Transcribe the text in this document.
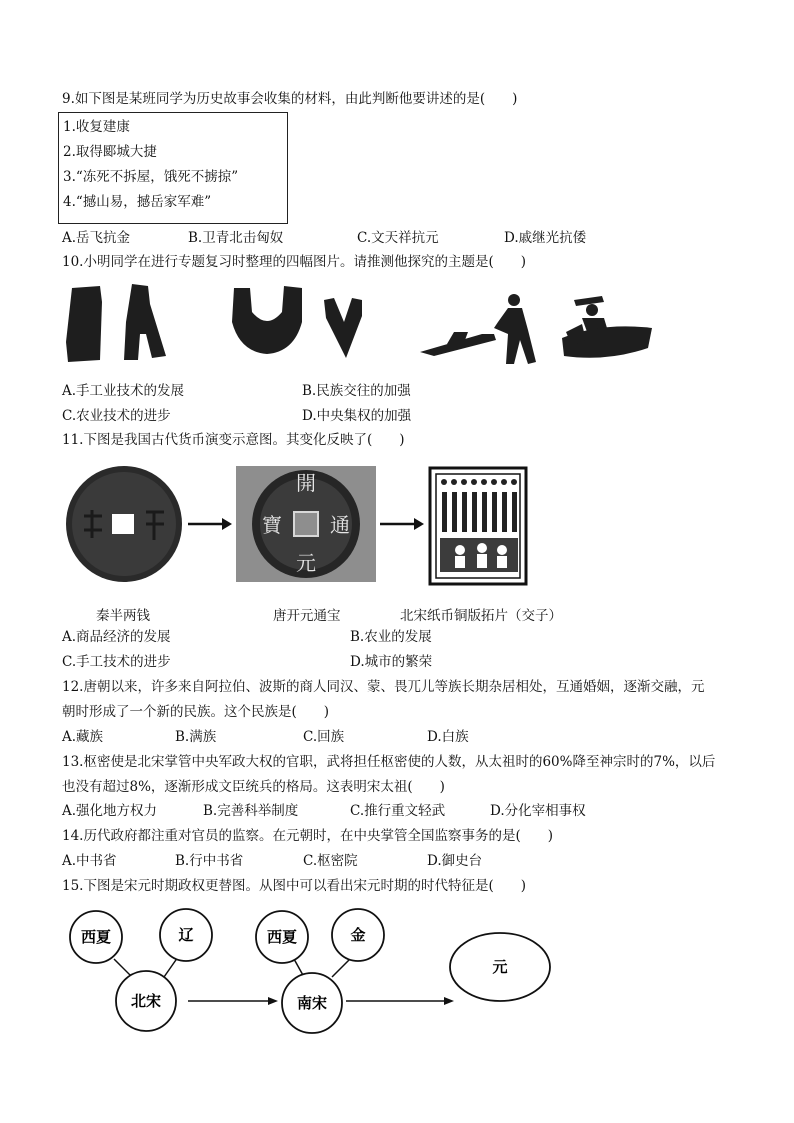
9.如下图是某班同学为历史故事会收集的材料，由此判断他要讲述的是(　　)
1.收复建康
2.取得郾城大捷
3.“冻死不拆屋，饿死不掳掠”
4.“撼山易，撼岳家军难”
A.岳飞抗金	B.卫青北击匈奴	C.文天祥抗元	D.戚继光抗倭
10.小明同学在进行专题复习时整理的四幅图片。请推测他探究的主题是(　　)
A.手工业技术的发展	B.民族交往的加强
C.农业技术的进步	D.中央集权的加强
11.下图是我国古代货币演变示意图。其变化反映了(　　)
開
通
元
寶
秦半两钱	唐开元通宝	北宋纸币铜版拓片（交子）
A.商品经济的发展	B.农业的发展
C.手工技术的进步	D.城市的繁荣
12.唐朝以来，许多来自阿拉伯、波斯的商人同汉、蒙、畏兀儿等族长期杂居相处，互通婚姻，逐渐交融，元
朝时形成了一个新的民族。这个民族是(　　)
A.藏族	B.满族	C.回族	D.白族
13.枢密使是北宋掌管中央军政大权的官职，武将担任枢密使的人数，从太祖时的60%降至神宗时的7%，以后
也没有超过8%，逐渐形成文臣统兵的格局。这表明宋太祖(　　)
A.强化地方权力	B.完善科举制度	C.推行重文轻武	D.分化宰相事权
14.历代政府都注重对官员的监察。在元朝时，在中央掌管全国监察事务的是(　　)
A.中书省	B.行中书省	C.枢密院	D.御史台
15.下图是宋元时期政权更替图。从图中可以看出宋元时期的时代特征是(　　)
西夏	辽
北宋
西夏	金
南宋
元
